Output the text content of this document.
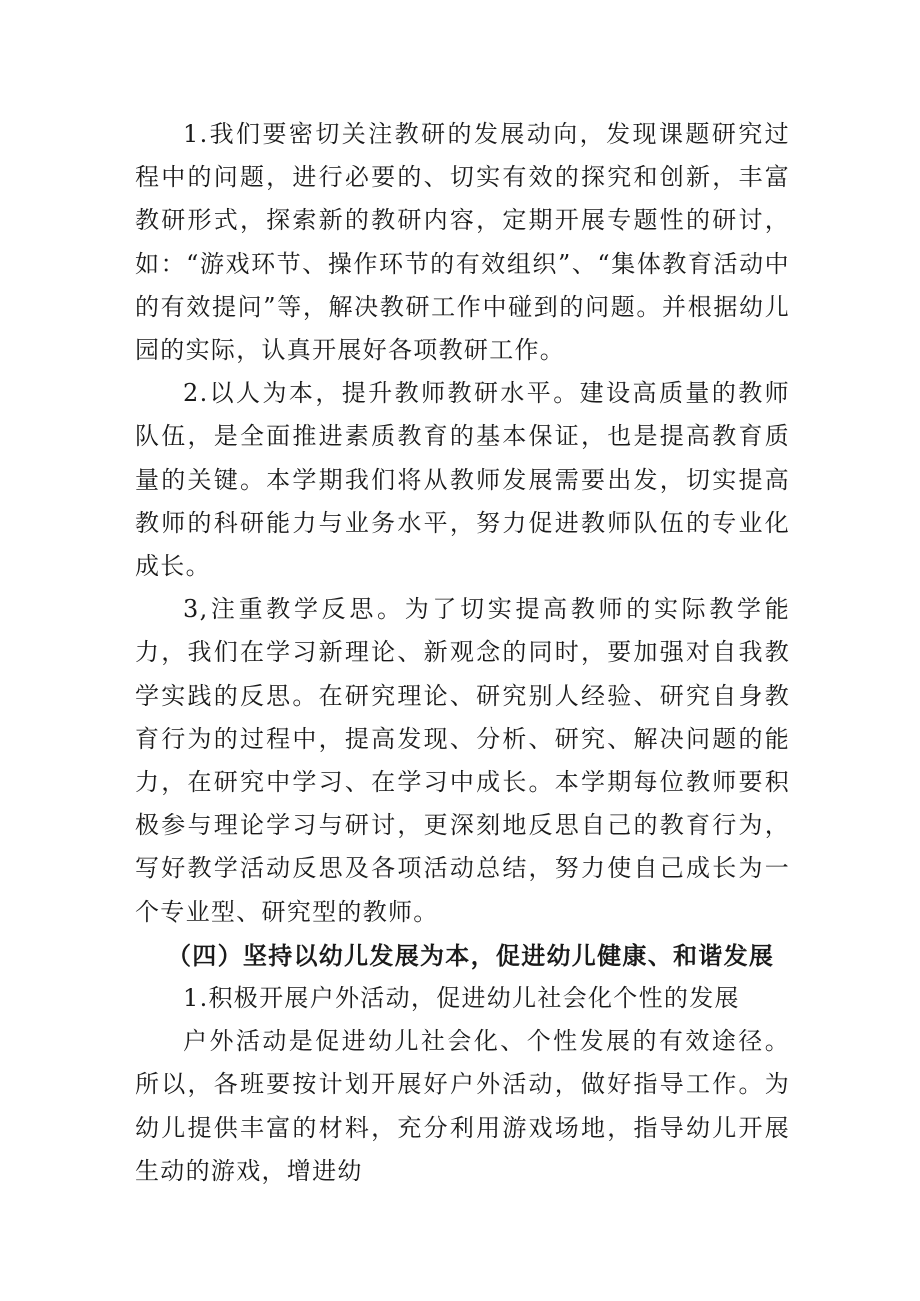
1.我们要密切关注教研的发展动向，发现课题研究过程中的问题，进行必要的、切实有效的探究和创新，丰富教研形式，探索新的教研内容，定期开展专题性的研讨，如：“游戏环节、操作环节的有效组织”、“集体教育活动中的有效提问”等，解决教研工作中碰到的问题。并根据幼儿园的实际，认真开展好各项教研工作。

2.以人为本，提升教师教研水平。建设高质量的教师队伍，是全面推进素质教育的基本保证，也是提高教育质量的关键。本学期我们将从教师发展需要出发，切实提高教师的科研能力与业务水平，努力促进教师队伍的专业化成长。

3,注重教学反思。为了切实提高教师的实际教学能力，我们在学习新理论、新观念的同时，要加强对自我教学实践的反思。在研究理论、研究别人经验、研究自身教育行为的过程中，提高发现、分析、研究、解决问题的能力，在研究中学习、在学习中成长。本学期每位教师要积极参与理论学习与研讨，更深刻地反思自己的教育行为，写好教学活动反思及各项活动总结，努力使自己成长为一个专业型、研究型的教师。

（四）坚持以幼儿发展为本，促进幼儿健康、和谐发展

1.积极开展户外活动，促进幼儿社会化个性的发展

户外活动是促进幼儿社会化、个性发展的有效途径。所以，各班要按计划开展好户外活动，做好指导工作。为幼儿提供丰富的材料，充分利用游戏场地，指导幼儿开展生动的游戏，增进幼
